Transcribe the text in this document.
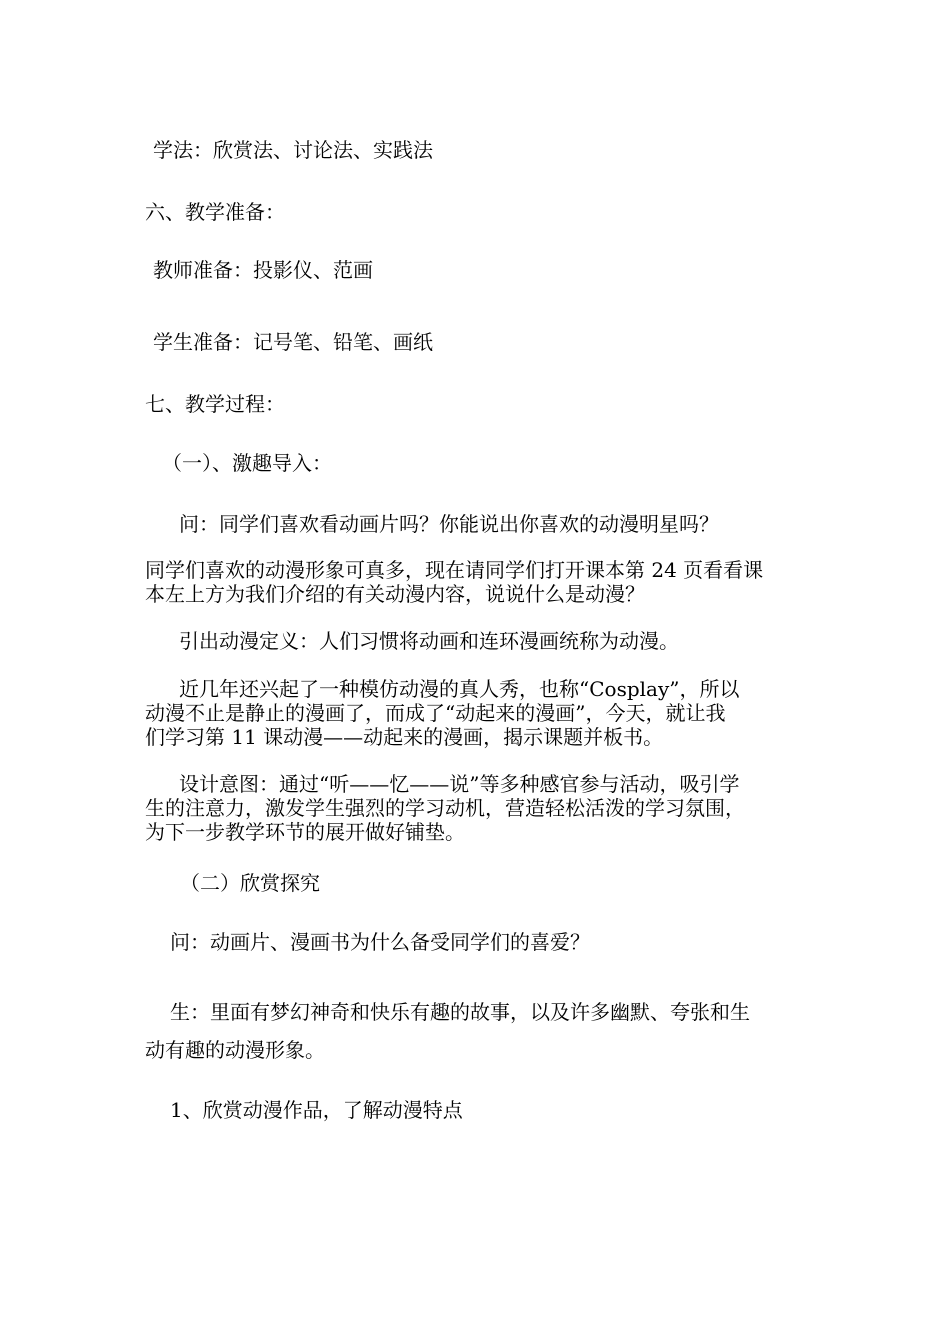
学法：欣赏法、讨论法、实践法

六、教学准备：

教师准备：投影仪、范画

学生准备：记号笔、铅笔、画纸

七、教学过程：

（一）、激趣导入：

问：同学们喜欢看动画片吗？你能说出你喜欢的动漫明星吗？

同学们喜欢的动漫形象可真多，现在请同学们打开课本第 24 页看看课
本左上方为我们介绍的有关动漫内容，说说什么是动漫？

引出动漫定义：人们习惯将动画和连环漫画统称为动漫。

近几年还兴起了一种模仿动漫的真人秀，也称“Cosplay”，所以
动漫不止是静止的漫画了，而成了“动起来的漫画”，今天，就让我
们学习第 11 课动漫——动起来的漫画，揭示课题并板书。
设计意图：通过“听——忆——说”等多种感官参与活动，吸引学
生的注意力，激发学生强烈的学习动机，营造轻松活泼的学习氛围，
为下一步教学环节的展开做好铺垫。

（二）欣赏探究

问：动画片、漫画书为什么备受同学们的喜爱？

生：里面有梦幻神奇和快乐有趣的故事，以及许多幽默、夸张和生
动有趣的动漫形象。

1、欣赏动漫作品，了解动漫特点
